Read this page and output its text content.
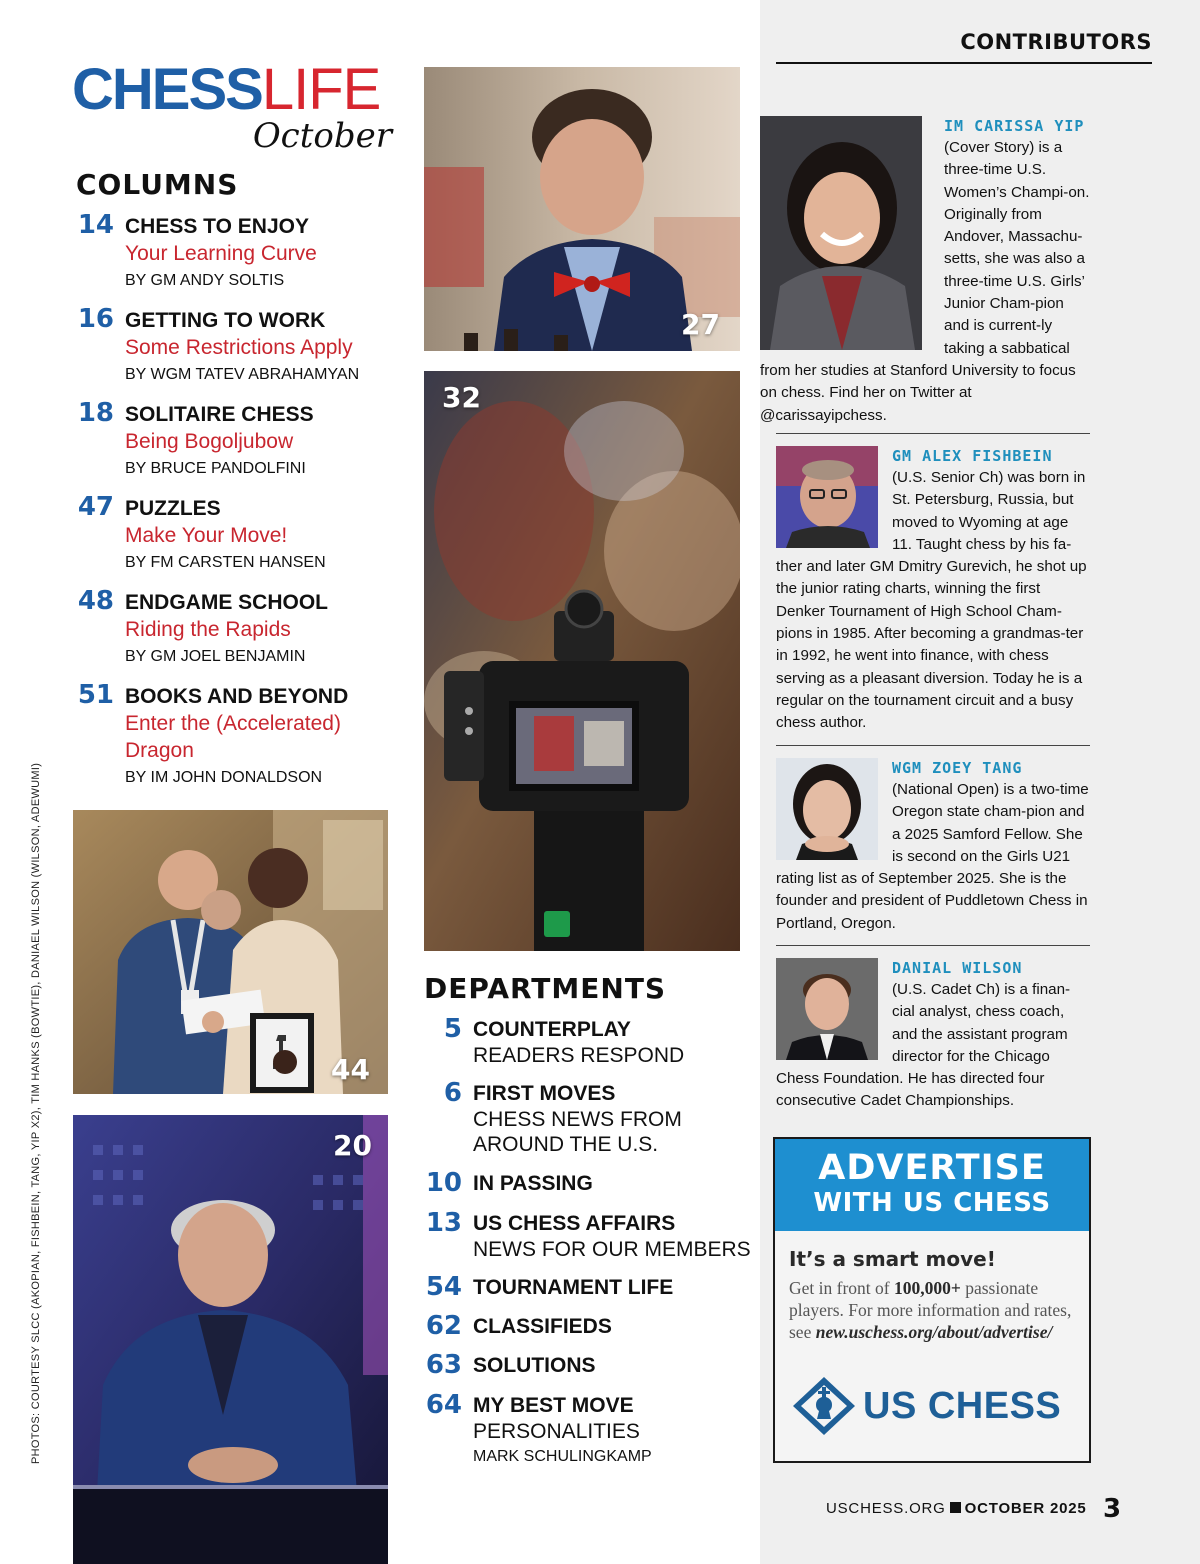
CHESSLIFE
October
COLUMNS
14 CHESS TO ENJOY
Your Learning Curve
BY GM ANDY SOLTIS
16 GETTING TO WORK
Some Restrictions Apply
BY WGM TATEV ABRAHAMYAN
18 SOLITAIRE CHESS
Being Bogoljubow
BY BRUCE PANDOLFINI
47 PUZZLES
Make Your Move!
BY FM CARSTEN HANSEN
48 ENDGAME SCHOOL
Riding the Rapids
BY GM JOEL BENJAMIN
51 BOOKS AND BEYOND
Enter the (Accelerated) Dragon
BY IM JOHN DONALDSON
PHOTOS: COURTESY SLCC (AKOPIAN, FISHBEIN, TANG, YIP X2), TIM HANKS (BOWTIE), DANIAEL WILSON (WILSON, ADEWUMI)	44
20
27
32
DEPARTMENTS
5 COUNTERPLAY
READERS RESPOND
6 FIRST MOVES
CHESS NEWS FROM AROUND THE U.S.
10 IN PASSING
13 US CHESS AFFAIRS
NEWS FOR OUR MEMBERS
54 TOURNAMENT LIFE
62 CLASSIFIEDS
63 SOLUTIONS
64 MY BEST MOVE
PERSONALITIES
MARK SCHULINGKAMP
CONTRIBUTORS
IM CARISSA YIP
(Cover Story) is a three-time U.S. Women’s Champi-on. Originally from Andover, Massachu-setts, she was also a three-time U.S. Girls’ Junior Cham-pion and is current-ly taking a sabbatical from her studies at Stanford University to focus on chess. Find her on Twitter at @carissayipchess.
GM ALEX FISHBEIN
(U.S. Senior Ch) was born in St. Petersburg, Russia, but moved to Wyoming at age 11. Taught chess by his fa-ther and later GM Dmitry Gurevich, he shot up the junior rating charts, winning the first Denker Tournament of High School Cham-pions in 1985. After becoming a grandmas-ter in 1992, he went into finance, with chess serving as a pleasant diversion. Today he is a regular on the tournament circuit and a busy chess author.
WGM ZOEY TANG
(National Open) is a two-time Oregon state cham-pion and a 2025 Samford Fellow. She is second on the Girls U21 rating list as of September 2025. She is the founder and president of Puddletown Chess in Portland, Oregon.
DANIAL WILSON
(U.S. Cadet Ch) is a finan-cial analyst, chess coach, and the assistant program director for the Chicago Chess Foundation. He has directed four consecutive Cadet Championships.
ADVERTISE
WITH US CHESS
It’s a smart move!
Get in front of 100,000+ passionate players. For more information and rates, see new.uschess.org/about/advertise/
US CHESS
USCHESS.ORG OCTOBER 2025 3
